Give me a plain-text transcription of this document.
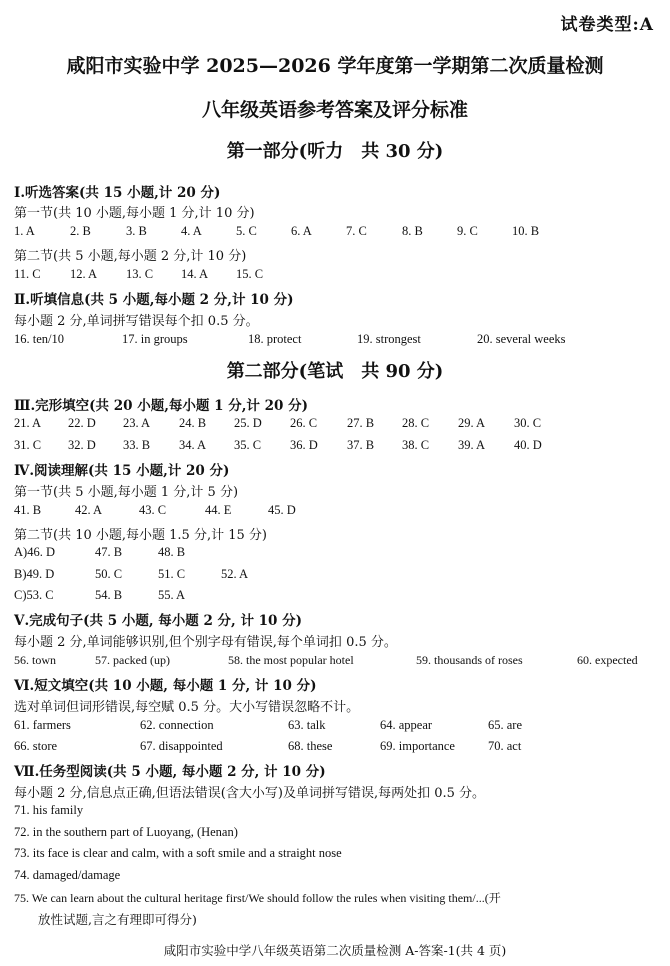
试卷类型:A
咸阳市实验中学 2025—2026 学年度第一学期第二次质量检测
八年级英语参考答案及评分标准
第一部分(听力　共 30 分)
Ⅰ.听选答案(共 15 小题,计 20 分)
第一节(共 10 小题,每小题 1 分,计 10 分)
1. A	2. B	3. B	4. A	5. C	6. A	7. C	8. B	9. C	10. B
第二节(共 5 小题,每小题 2 分,计 10 分)
11. C 12. A 13. C 14. A 15. C
Ⅱ.听填信息(共 5 小题,每小题 2 分,计 10 分)
每小题 2 分,单词拼写错误每个扣 0.5 分。
16. ten/10	17. in groups	18. protect	19. strongest	20. several weeks
第二部分(笔试　共 90 分)
Ⅲ.完形填空(共 20 小题,每小题 1 分,计 20 分)
21. A 22. D 23. A 24. B 25. D 26. C 27. B 28. C 29. A 30. C
31. C 32. D 33. B 34. A 35. C 36. D 37. B 38. C 39. A 40. D
Ⅳ.阅读理解(共 15 小题,计 20 分)
第一节(共 5 小题,每小题 1 分,计 5 分)
41. B	42. A	43. C	44. E	45. D
第二节(共 10 小题,每小题 1.5 分,计 15 分)
A)46. D	47. B	48. B
B)49. D	50. C	51. C	52. A
C)53. C	54. B	55. A
Ⅴ.完成句子(共 5 小题, 每小题 2 分, 计 10 分)
每小题 2 分,单词能够识别,但个别字母有错误,每个单词扣 0.5 分。
56. town	57. packed (up)	58. the most popular hotel	59. thousands of roses	60. expected
Ⅵ.短文填空(共 10 小题, 每小题 1 分, 计 10 分)
选对单词但词形错误,每空赋 0.5 分。大小写错误忽略不计。
61. farmers	62. connection	63. talk	64. appear	65. are
66. store	67. disappointed	68. these	69. importance	70. act
Ⅶ.任务型阅读(共 5 小题, 每小题 2 分, 计 10 分)
每小题 2 分,信息点正确,但语法错误(含大小写)及单词拼写错误,每两处扣 0.5 分。
71. his family
72. in the southern part of Luoyang, (Henan)
73. its face is clear and calm, with a soft smile and a straight nose
74. damaged/damage
75. We can learn about the cultural heritage first/We should follow the rules when visiting them/...(开
放性试题,言之有理即可得分)
咸阳市实验中学八年级英语第二次质量检测 A-答案-1(共 4 页)
